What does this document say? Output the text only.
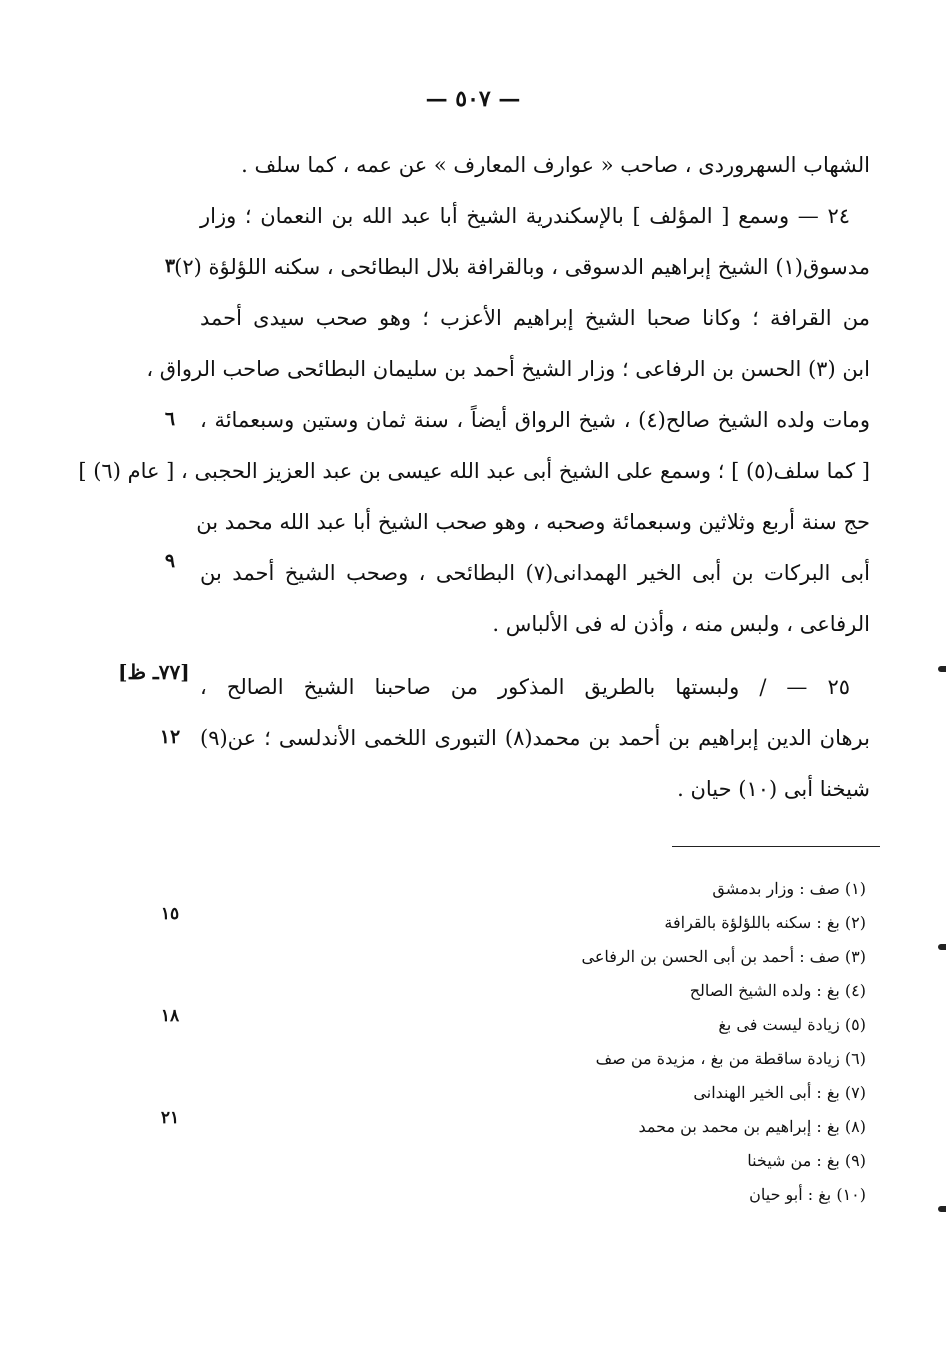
— ٥٠٧ —
الشهاب السهروردى ، صاحب « عوارف المعارف » عن عمه ، كما سلف .
٢٤ — وسمع [ المؤلف ] بالإسكندرية الشيخ أبا عبد الله بن النعمان ؛ وزار
مدسوق(١) الشيخ إبراهيم الدسوقى ، وبالقرافة بلال البطائحى ، سكنه اللؤلؤة (٢)
من القرافة ؛ وكانا صحبا الشيخ إبراهيم الأعزب ؛ وهو صحب سيدى أحمد
ابن (٣) الحسن بن الرفاعى ؛ وزار الشيخ أحمد بن سليمان البطائحى صاحب الرواق ،
ومات ولده الشيخ صالح(٤) ، شيخ الرواق أيضاً ، سنة ثمان وستين وسبعمائة ،
[ كما سلف(٥) ] ؛ وسمع على الشيخ أبى عبد الله عيسى بن عبد العزيز الحجبى ، [ عام (٦) ]
حج سنة أربع وثلاثين وسبعمائة وصحبه ، وهو صحب الشيخ أبا عبد الله محمد بن
أبى البركات بن أبى الخير الهمدانى(٧) البطائحى ، وصحب الشيخ أحمد بن
الرفاعى ، ولبس منه ، وأذن له فى الألباس .
٢٥ — / ولبستها بالطريق المذكور من صاحبنا الشيخ الصالح ،
برهان الدين إبراهيم بن أحمد بن محمد(٨) التبورى اللخمى الأندلسى ؛ عن(٩)
شيخنا أبى (١٠) حيان .
[٧٧ـ ظ]
٣
٦
٩
١٢
(١) صف : وزار بدمشق
(٢) بغ : سكنه باللؤلؤة بالقرافة
(٣) صف : أحمد بن أبى الحسن بن الرفاعى
(٤) بغ : ولده الشيخ الصالح
(٥) زيادة ليست فى بغ
(٦) زيادة ساقطة من بغ ، مزيدة من صف
(٧) بغ : أبى الخير الهندانى
(٨) بغ : إبراهيم بن محمد بن محمد
(٩) بغ : من شيخنا
(١٠) بغ : أبو حيان
١٥
١٨
٢١
